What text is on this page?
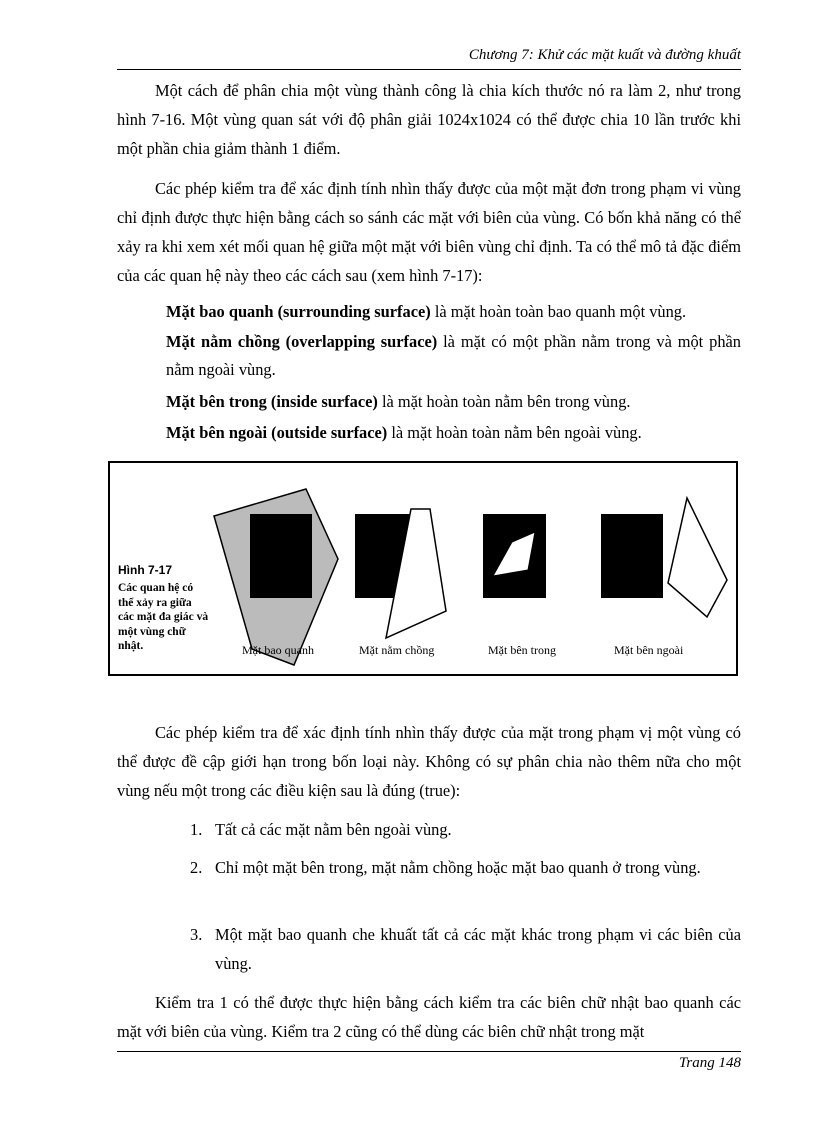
Chương 7: Khử các mặt kuất và đường khuất

Một cách để phân chia một vùng thành công là chia kích thước nó ra làm 2, như trong hình 7-16. Một vùng quan sát với độ phân giải 1024x1024 có thể được chia 10 lần trước khi một phần chia giảm thành 1 điểm.

Các phép kiểm tra để xác định tính nhìn thấy được của một mặt đơn trong phạm vi vùng chỉ định được thực hiện bằng cách so sánh các mặt với biên của vùng. Có bốn khả năng có thể xảy ra khi xem xét mối quan hệ giữa một mặt với biên vùng chỉ định. Ta có thể mô tả đặc điểm của các quan hệ này theo các cách sau (xem hình 7-17):

Mặt bao quanh (surrounding surface) là mặt hoàn toàn bao quanh một vùng.

Mặt nằm chồng (overlapping surface) là mặt có một phần nằm trong và một phần nằm ngoài vùng.

Mặt bên trong (inside surface) là mặt hoàn toàn nằm bên trong vùng.

Mặt bên ngoài (outside surface) là mặt hoàn toàn nằm bên ngoài vùng.

Hình 7-17

Các quan hệ có thể xảy ra giữa các mặt đa giác và một vùng chữ nhật.	Mặt bao quanh	Mặt nằm chồng	Mặt bên trong	Mặt bên ngoài

Các phép kiểm tra để xác định tính nhìn thấy được của mặt trong phạm vị một vùng có thể được đề cập giới hạn trong bốn loại này. Không có sự phân chia nào thêm nữa cho một vùng nếu một trong các điều kiện sau là đúng (true):

1. Tất cả các mặt nằm bên ngoài vùng.
2. Chỉ một mặt bên trong, mặt nằm chồng hoặc mặt bao quanh ở trong vùng.
3. Một mặt bao quanh che khuất tất cả các mặt khác trong phạm vi các biên của vùng.

Kiểm tra 1 có thể được thực hiện bằng cách kiểm tra các biên chữ nhật bao quanh các mặt với biên của vùng. Kiểm tra 2 cũng có thể dùng các biên chữ nhật trong mặt

Trang 148
